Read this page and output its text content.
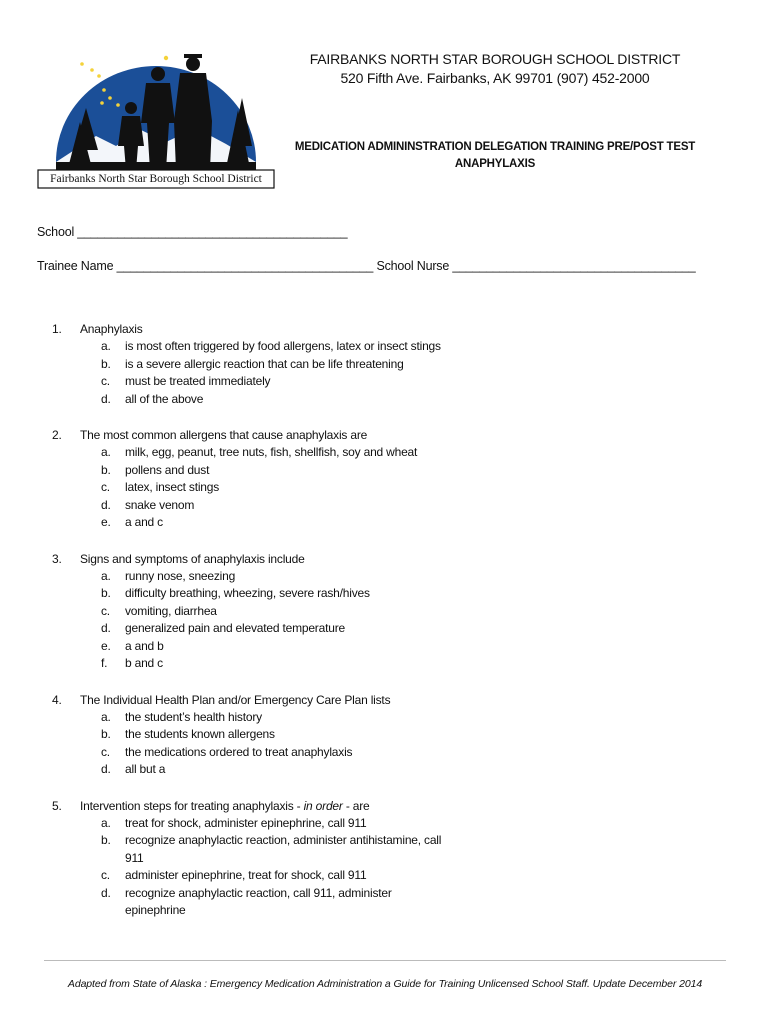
Fairbanks North Star Borough School District
FAIRBANKS NORTH STAR BOROUGH SCHOOL DISTRICT
520 Fifth Ave. Fairbanks, AK 99701 (907) 452-2000
MEDICATION ADMININSTRATION DELEGATION TRAINING PRE/POST TEST
ANAPHYLAXIS
School ________________________________________
Trainee Name ______________________________________ School Nurse ____________________________________
1.	Anaphylaxis
a.	is most often triggered by food allergens, latex or insect stings
b.	is a severe allergic reaction that can be life threatening
c.	must be treated immediately
d.	all of the above
2.	The most common allergens that cause anaphylaxis are
a.	milk, egg, peanut, tree nuts, fish, shellfish, soy and wheat
b.	pollens and dust
c.	latex, insect stings
d.	snake venom
e.	a and c
3.	Signs and symptoms of anaphylaxis include
a.	runny nose, sneezing
b.	difficulty breathing, wheezing, severe rash/hives
c.	vomiting, diarrhea
d.	generalized pain and elevated temperature
e.	a and b
f.	b and c
4.	The Individual Health Plan and/or Emergency Care Plan lists
a.	the student’s health history
b.	the students known allergens
c.	the medications ordered to treat anaphylaxis
d.	all but a
5.	Intervention steps for treating anaphylaxis - in order - are
a.	treat for shock, administer epinephrine, call 911
b.	recognize anaphylactic reaction, administer antihistamine, call 911
c.	administer epinephrine, treat for shock, call 911
d.	recognize anaphylactic reaction, call 911, administer epinephrine
Adapted from State of Alaska : Emergency Medication Administration a Guide for Training Unlicensed School Staff. Update December 2014
